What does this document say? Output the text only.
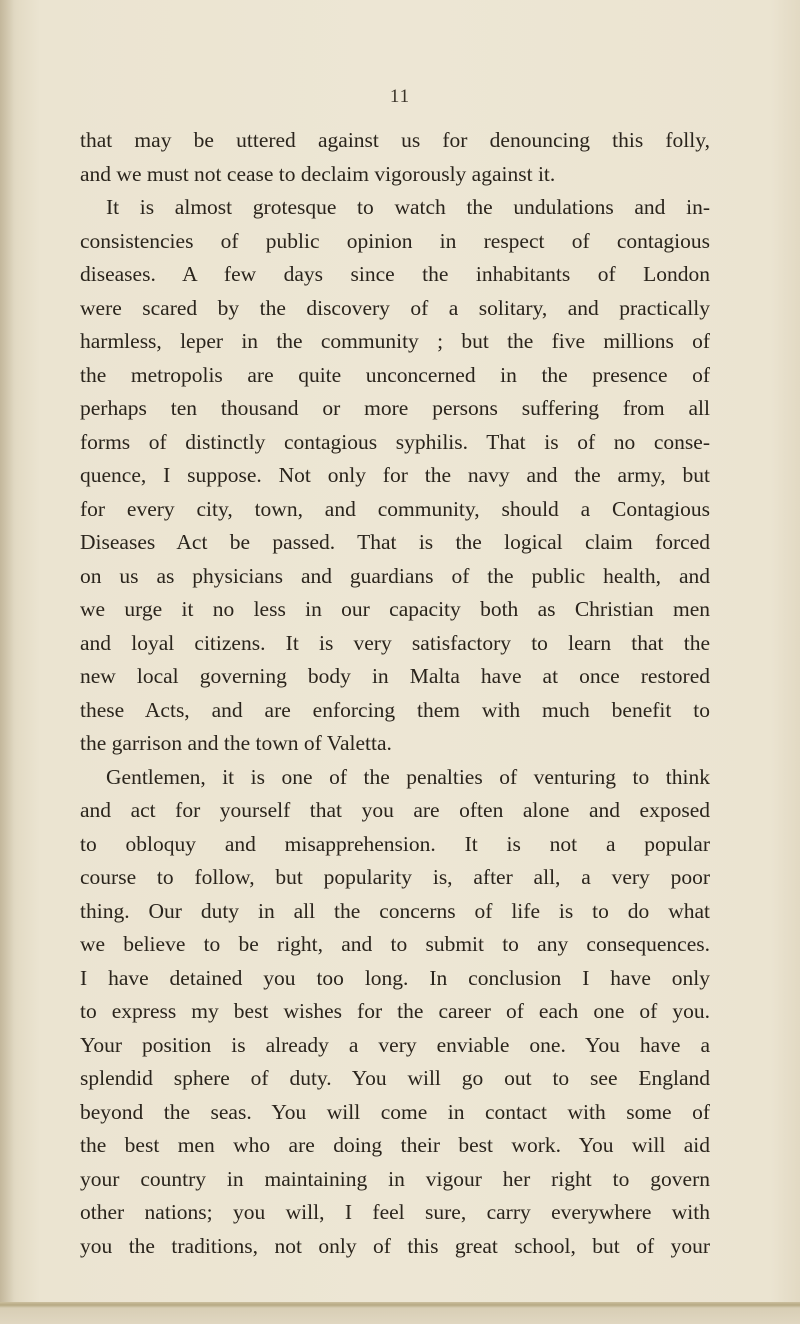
11

that may be uttered against us for denouncing this folly,
and we must not cease to declaim vigorously against it.

It is almost grotesque to watch the undulations and in-
consistencies of public opinion in respect of contagious
diseases. A few days since the inhabitants of London
were scared by the discovery of a solitary, and practically
harmless, leper in the community ; but the five millions of
the metropolis are quite unconcerned in the presence of
perhaps ten thousand or more persons suffering from all
forms of distinctly contagious syphilis. That is of no conse-
quence, I suppose. Not only for the navy and the army, but
for every city, town, and community, should a Contagious
Diseases Act be passed. That is the logical claim forced
on us as physicians and guardians of the public health, and
we urge it no less in our capacity both as Christian men
and loyal citizens. It is very satisfactory to learn that the
new local governing body in Malta have at once restored
these Acts, and are enforcing them with much benefit to
the garrison and the town of Valetta.

Gentlemen, it is one of the penalties of venturing to think
and act for yourself that you are often alone and exposed
to obloquy and misapprehension. It is not a popular
course to follow, but popularity is, after all, a very poor
thing. Our duty in all the concerns of life is to do what
we believe to be right, and to submit to any consequences.
I have detained you too long. In conclusion I have only
to express my best wishes for the career of each one of you.
Your position is already a very enviable one. You have a
splendid sphere of duty. You will go out to see England
beyond the seas. You will come in contact with some of
the best men who are doing their best work. You will aid
your country in maintaining in vigour her right to govern
other nations; you will, I feel sure, carry everywhere with
you the traditions, not only of this great school, but of your
